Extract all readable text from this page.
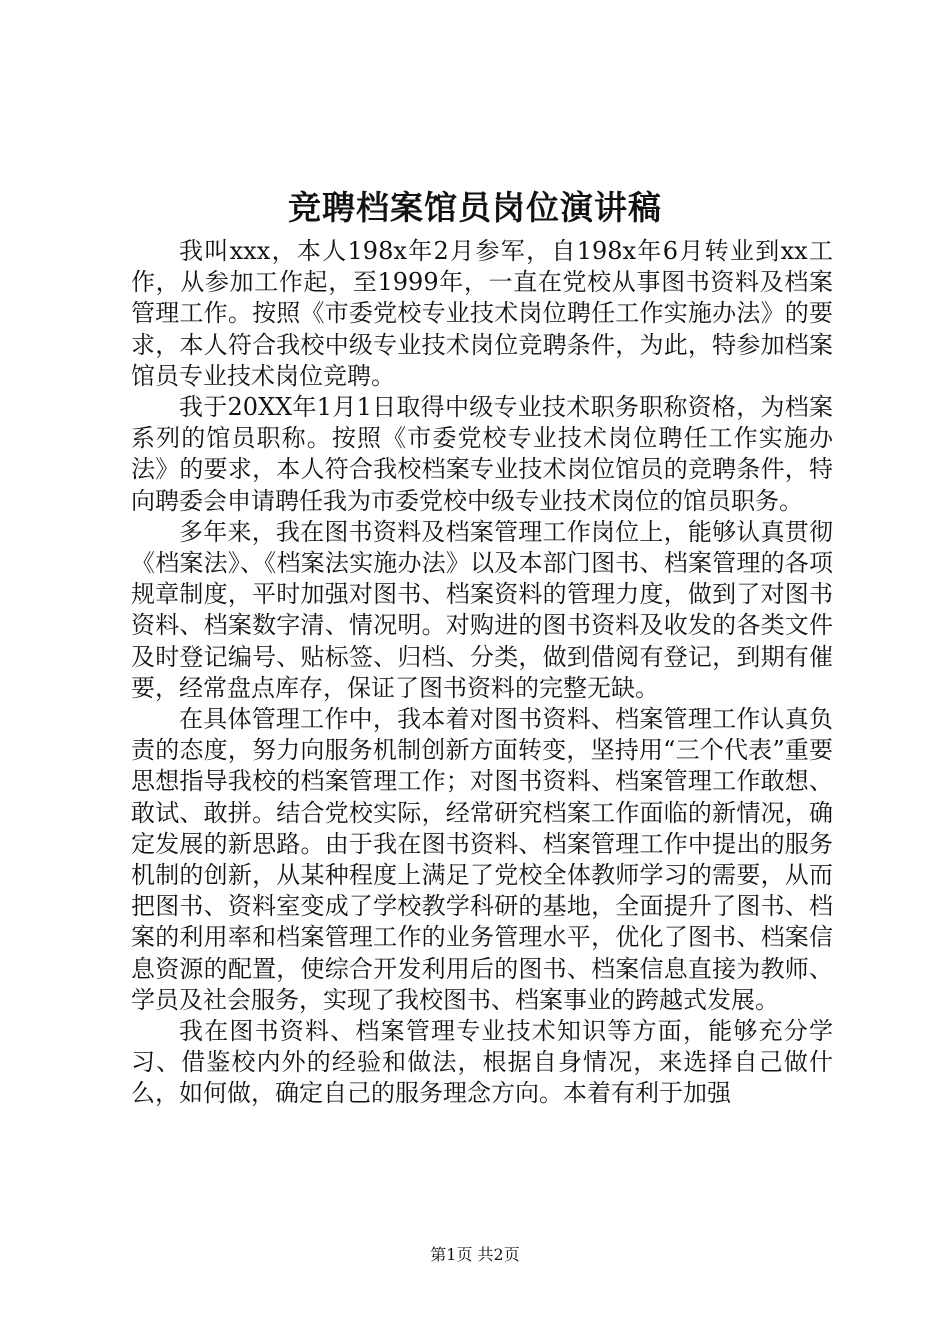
竞聘档案馆员岗位演讲稿

我叫xxx，本人198x年2月参军，自198x年6月转业到xx工作，从参加工作起，至1999年，一直在党校从事图书资料及档案管理工作。按照《市委党校专业技术岗位聘任工作实施办法》的要求，本人符合我校中级专业技术岗位竞聘条件，为此，特参加档案馆员专业技术岗位竞聘。

我于20XX年1月1日取得中级专业技术职务职称资格，为档案系列的馆员职称。按照《市委党校专业技术岗位聘任工作实施办法》的要求，本人符合我校档案专业技术岗位馆员的竞聘条件，特向聘委会申请聘任我为市委党校中级专业技术岗位的馆员职务。

多年来，我在图书资料及档案管理工作岗位上，能够认真贯彻《档案法》、《档案法实施办法》以及本部门图书、档案管理的各项规章制度，平时加强对图书、档案资料的管理力度，做到了对图书资料、档案数字清、情况明。对购进的图书资料及收发的各类文件及时登记编号、贴标签、归档、分类，做到借阅有登记，到期有催要，经常盘点库存，保证了图书资料的完整无缺。

在具体管理工作中，我本着对图书资料、档案管理工作认真负责的态度，努力向服务机制创新方面转变，坚持用“三个代表”重要思想指导我校的档案管理工作；对图书资料、档案管理工作敢想、敢试、敢拼。结合党校实际，经常研究档案工作面临的新情况，确定发展的新思路。由于我在图书资料、档案管理工作中提出的服务机制的创新，从某种程度上满足了党校全体教师学习的需要，从而把图书、资料室变成了学校教学科研的基地，全面提升了图书、档案的利用率和档案管理工作的业务管理水平，优化了图书、档案信息资源的配置，使综合开发利用后的图书、档案信息直接为教师、学员及社会服务，实现了我校图书、档案事业的跨越式发展。

我在图书资料、档案管理专业技术知识等方面，能够充分学习、借鉴校内外的经验和做法，根据自身情况，来选择自己做什么，如何做，确定自己的服务理念方向。本着有利于加强

第1页 共2页
